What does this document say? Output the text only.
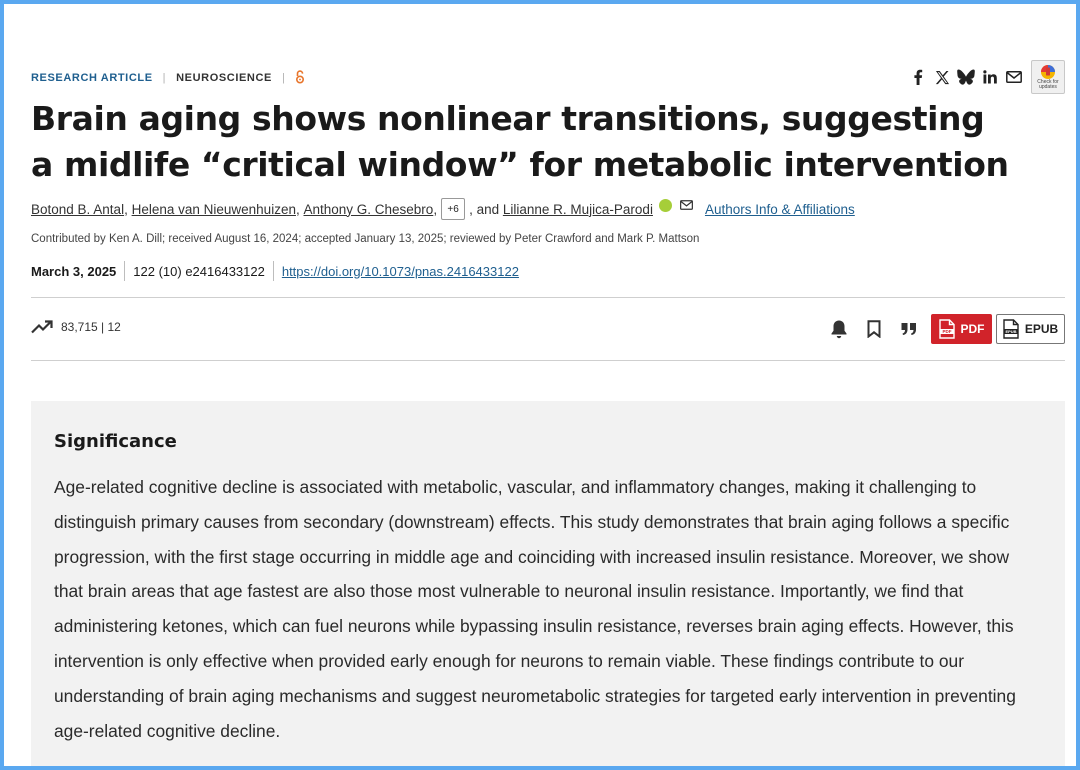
RESEARCH ARTICLE | NEUROSCIENCE |	Check for
updates
Brain aging shows nonlinear transitions, suggesting a midlife “critical window” for metabolic intervention
Botond B. Antal , Helena van Nieuwenhuizen , Anthony G. Chesebro ,	+6 , and
Lilianne R. Mujica-Parodi	Authors Info & Affiliations
Contributed by Ken A. Dill; received August 16, 2024; accepted January 13, 2025; reviewed by Peter Crawford and Mark P. Mattson
March 3, 2025 122 (10) e2416433122 https://doi.org/10.1073/pnas.2416433122
83,715 | 12	PDF PDF	EPUB EPUB
Significance

Age-related cognitive decline is associated with metabolic, vascular, and inflammatory changes, making it challenging to distinguish primary causes from secondary (downstream) effects. This study demonstrates that brain aging follows a specific progression, with the first stage occurring in middle age and coinciding with increased insulin resistance. Moreover, we show that brain areas that age fastest are also those most vulnerable to neuronal insulin resistance. Importantly, we find that administering ketones, which can fuel neurons while bypassing insulin resistance, reverses brain aging effects. However, this intervention is only effective when provided early enough for neurons to remain viable. These findings contribute to our understanding of brain aging mechanisms and suggest neurometabolic strategies for targeted early intervention in preventing age-related cognitive decline.
